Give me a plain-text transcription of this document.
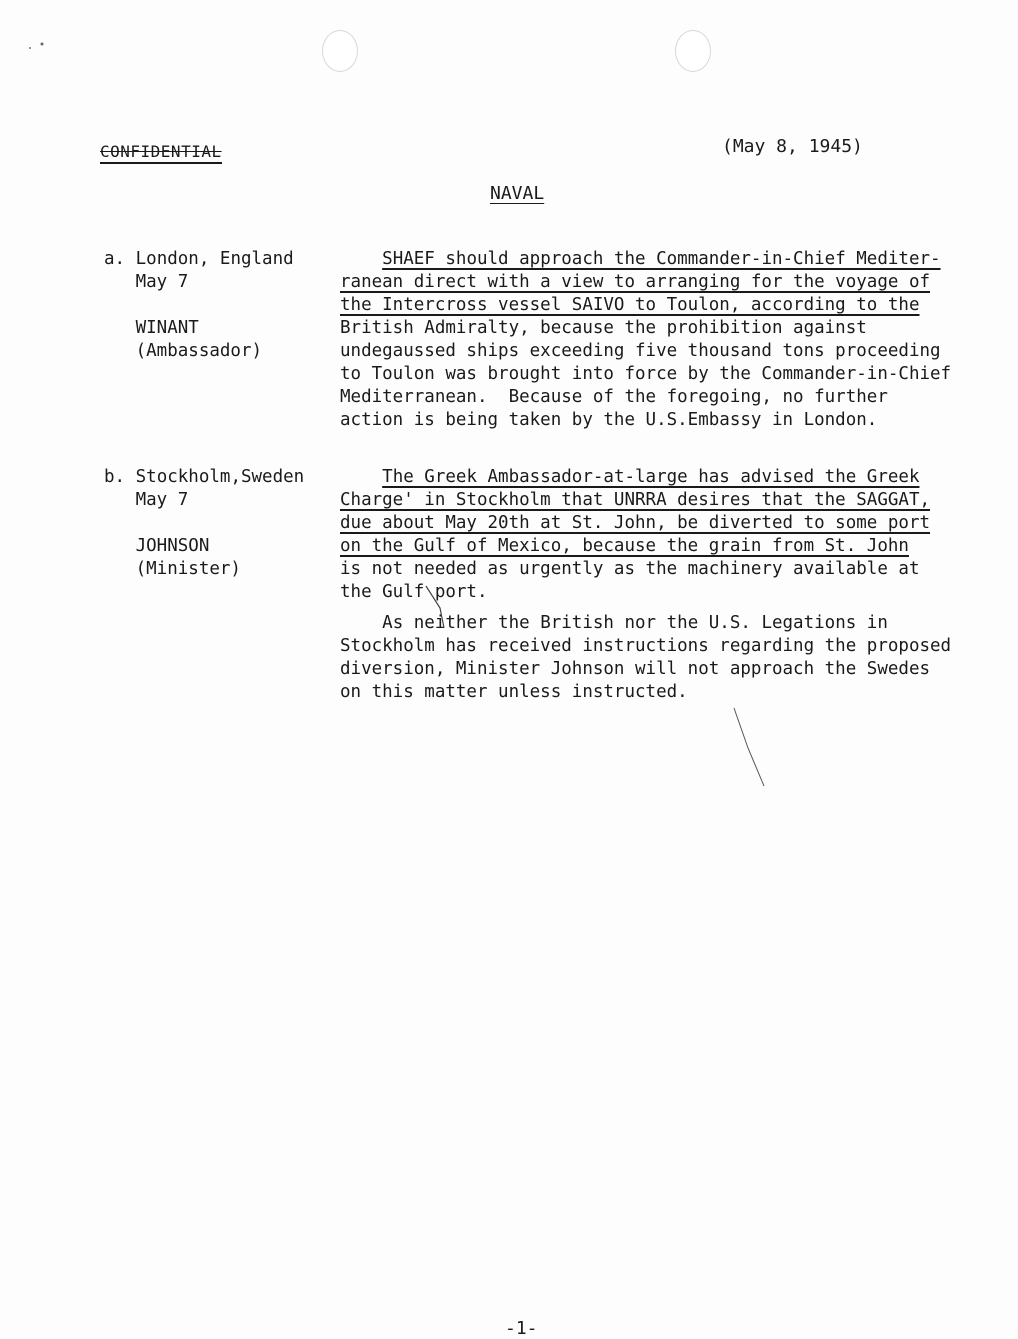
CONFIDENTIAL	(May 8, 1945)
NAVAL
a. London, England
May 7

WINANT
(Ambassador)
SHAEF should approach the Commander-in-Chief Mediter-
ranean direct with a view to arranging for the voyage of
the Intercross vessel SAIVO to Toulon, according to the
British Admiralty, because the prohibition against
undegaussed ships exceeding five thousand tons proceeding
to Toulon was brought into force by the Commander-in-Chief
Mediterranean.  Because of the foregoing, no further
action is being taken by the U.S.Embassy in London.
b. Stockholm,Sweden
May 7

JOHNSON
(Minister)
The Greek Ambassador-at-large has advised the Greek
Charge' in Stockholm that UNRRA desires that the SAGGAT,
due about May 20th at St. John, be diverted to some port
on the Gulf of Mexico, because the grain from St. John
is not needed as urgently as the machinery available at
the Gulf port.
As neither the British nor the U.S. Legations in
Stockholm has received instructions regarding the proposed
diversion, Minister Johnson will not approach the Swedes
on this matter unless instructed.
-1-
